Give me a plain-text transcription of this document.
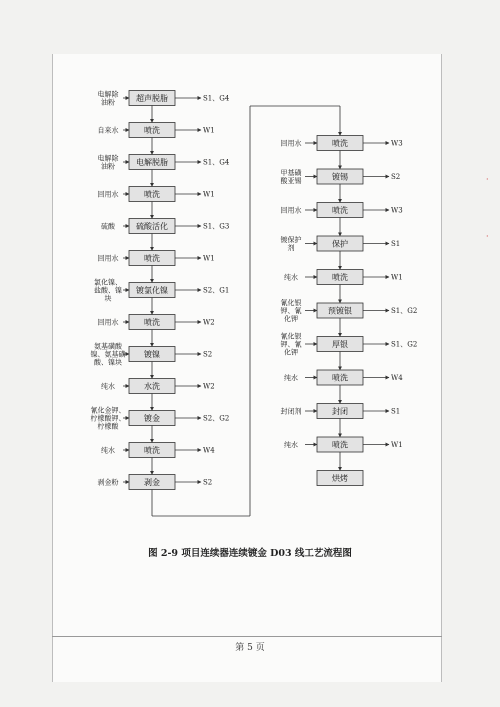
·
·
超声脱脂
电解除
油粉	S1、G4
喷洗
自来水	W1
电解脱脂
电解除
油粉	S1、G4
喷洗
回用水	W1
硫酸活化
硫酸	S1、G3
喷洗
回用水	W1
镀氯化镍
氯化镍、
盐酸、镍
块
S2、G1
喷洗
回用水	W2
镀镍
氨基磺酸
镍、氨基磺
酸、镍块
S2
水洗
纯水	W2
镀金
氰化金钾、
柠檬酸钾、
柠檬酸
S2、G2
喷洗
纯水	W4
剥金
剥金粉	S2
喷洗
回用水	W3
镀锡
甲基磺
酸亚锡	S2
喷洗
回用水	W3
保护
镀保护
剂	S1
喷洗
纯水	W1
预镀银
氰化银
钾、氰
化钾
S1、G2
厚银
氰化银
钾、氰
化钾
S1、G2
喷洗
纯水	W4
封闭
封闭剂	S1
喷洗
纯水	W1
烘烤
图 2-9 项目连续器连续镀金 D03 线工艺流程图
第 5 页
